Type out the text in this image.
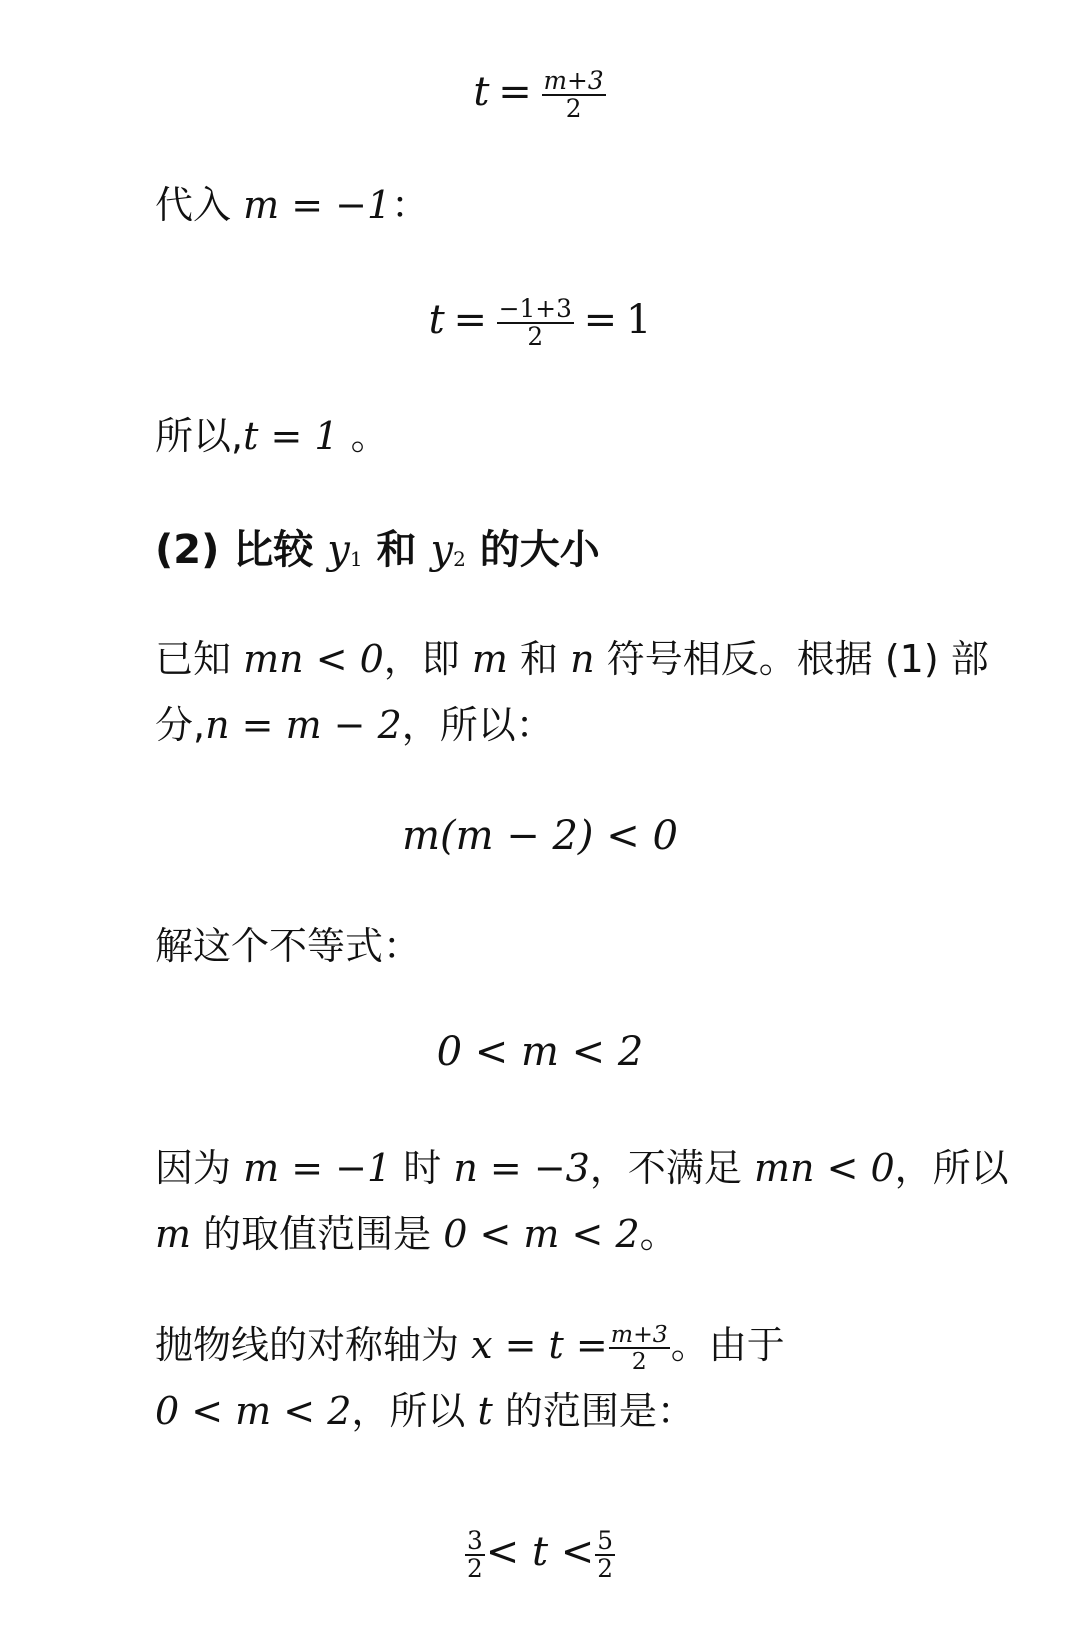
$t = \frac{m+3}{2}$
代入 m = −1：
$t = \frac{-1+3}{2} = 1$
所以,t = 1 。
(2) 比较 y1 和 y2 的大小
已知 mn < 0，即 m 和 n 符号相反。根据 (1) 部
分,n = m − 2，所以：
m(m − 2) < 0
解这个不等式：
0 < m < 2
因为 m = −1 时 n = −3，不满足 mn < 0，所以
m 的取值范围是 0 < m < 2。
抛物线的对称轴为 $x = t = \frac{m+3}{2}$ 。由于
0 < m < 2，所以 t 的范围是：
$\frac{3}{2} < t < \frac{5}{2}$
